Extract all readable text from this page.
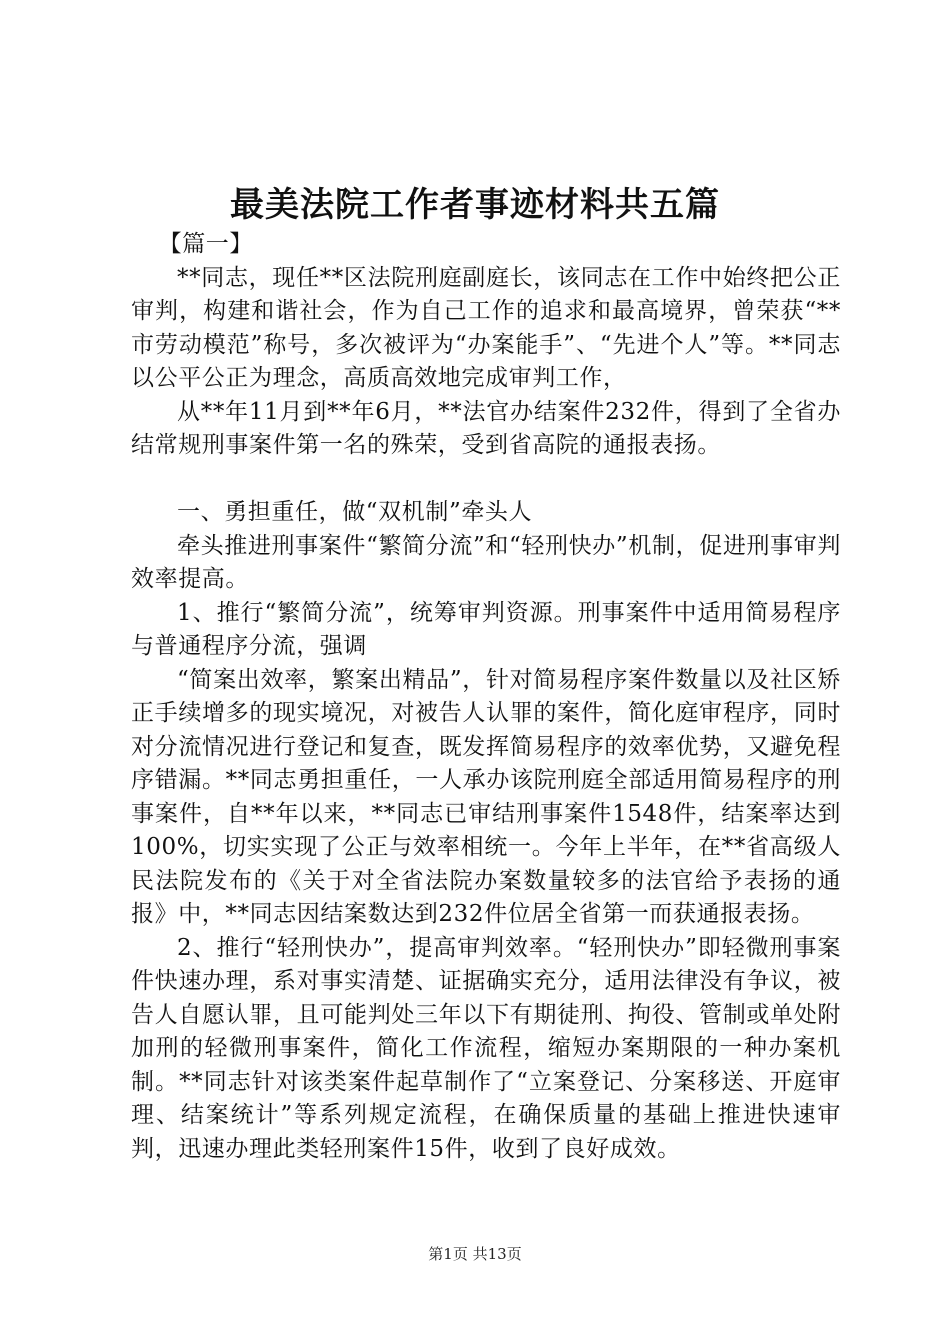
最美法院工作者事迹材料共五篇

【篇一】

**同志，现任**区法院刑庭副庭长，该同志在工作中始终把公正审判，构建和谐社会，作为自己工作的追求和最高境界，曾荣获“**市劳动模范”称号，多次被评为“办案能手”、“先进个人”等。**同志以公平公正为理念，高质高效地完成审判工作，

从**年11月到**年6月，**法官办结案件232件，得到了全省办结常规刑事案件第一名的殊荣，受到省高院的通报表扬。

一、勇担重任，做“双机制”牵头人

牵头推进刑事案件“繁简分流”和“轻刑快办”机制，促进刑事审判效率提高。

1、推行“繁简分流”，统筹审判资源。刑事案件中适用简易程序与普通程序分流，强调

“简案出效率，繁案出精品”，针对简易程序案件数量以及社区矫正手续增多的现实境况，对被告人认罪的案件，简化庭审程序，同时对分流情况进行登记和复查，既发挥简易程序的效率优势，又避免程序错漏。**同志勇担重任，一人承办该院刑庭全部适用简易程序的刑事案件，自**年以来，**同志已审结刑事案件1548件，结案率达到100%，切实实现了公正与效率相统一。今年上半年，在**省高级人民法院发布的《关于对全省法院办案数量较多的法官给予表扬的通报》中，**同志因结案数达到232件位居全省第一而获通报表扬。

2、推行“轻刑快办”，提高审判效率。“轻刑快办”即轻微刑事案件快速办理，系对事实清楚、证据确实充分，适用法律没有争议，被告人自愿认罪，且可能判处三年以下有期徒刑、拘役、管制或单处附加刑的轻微刑事案件，简化工作流程，缩短办案期限的一种办案机制。**同志针对该类案件起草制作了“立案登记、分案移送、开庭审理、结案统计”等系列规定流程，在确保质量的基础上推进快速审判，迅速办理此类轻刑案件15件，收到了良好成效。

第1页 共13页
